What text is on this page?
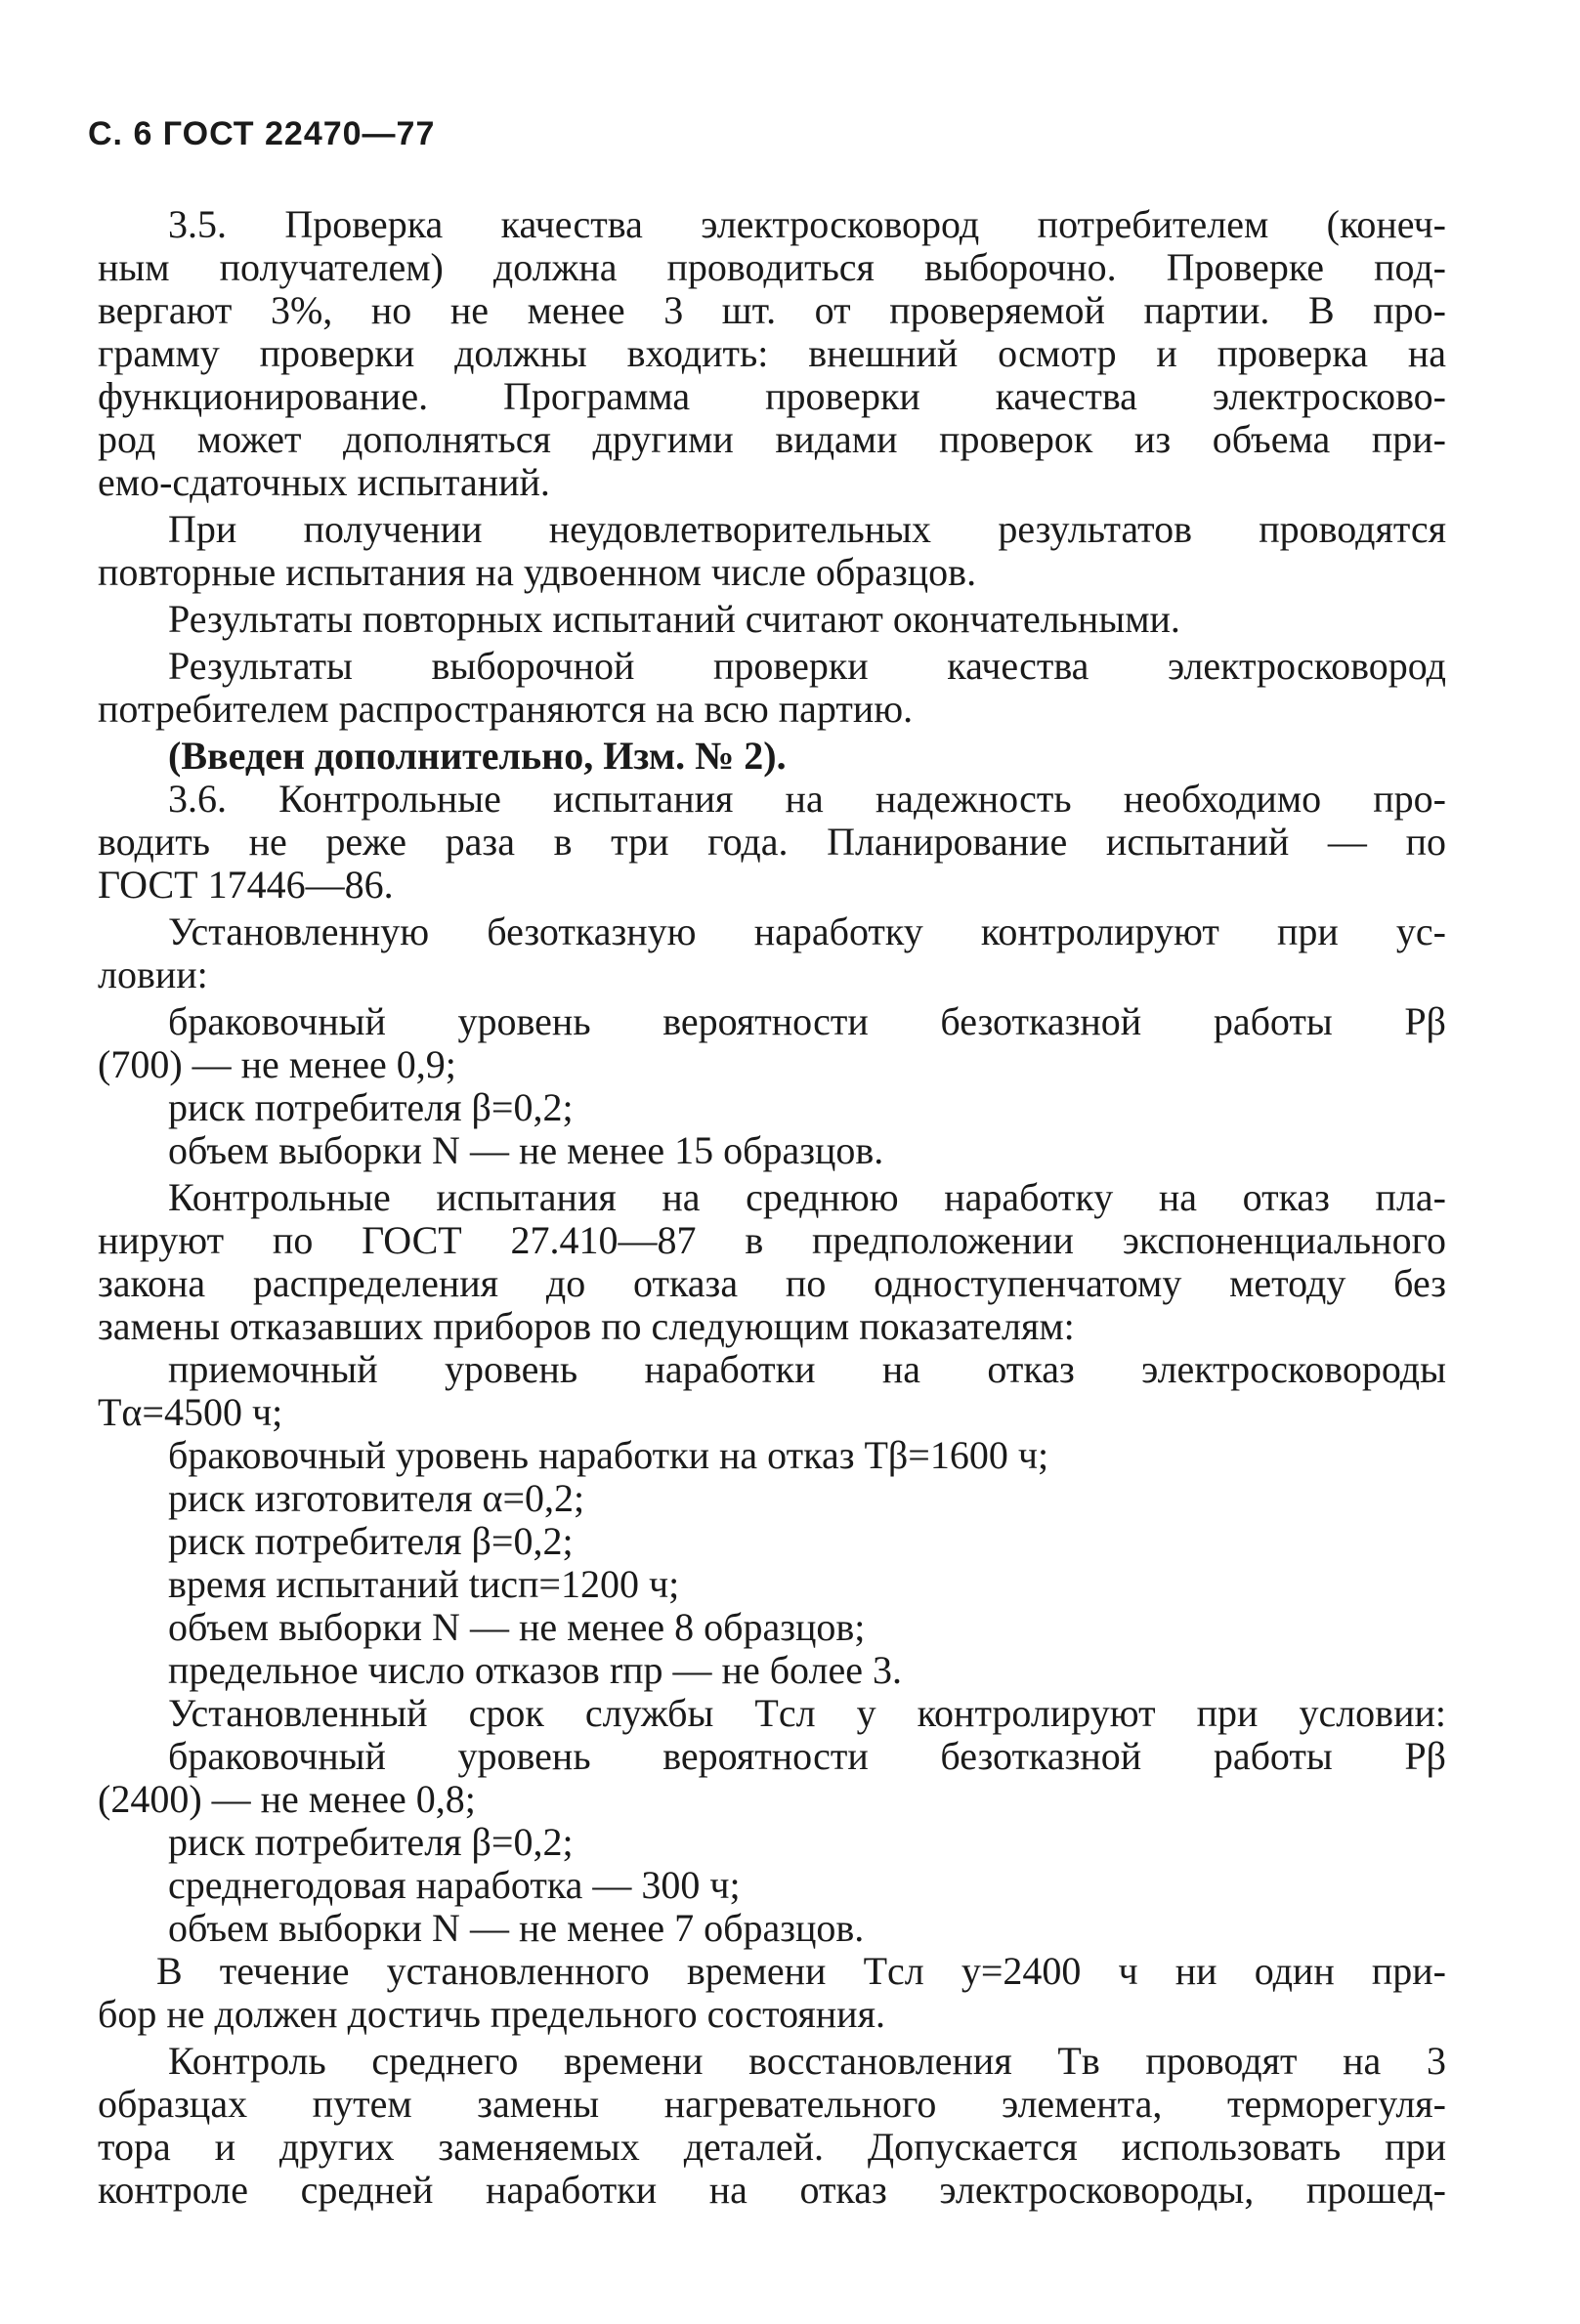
С. 6 ГОСТ 22470—77
3.5. Проверка качества электросковород потребителем (конеч-
ным получателем) должна проводиться выборочно. Проверке под-
вергают 3%, но не менее 3 шт. от проверяемой партии. В про-
грамму проверки должны входить: внешний осмотр и проверка на
функционирование. Программа проверки качества электросково-
род может дополняться другими видами проверок из объема при-
емо-сдаточных испытаний.
При получении неудовлетворительных результатов проводятся
повторные испытания на удвоенном числе образцов.
Результаты повторных испытаний считают окончательными.
Результаты выборочной проверки качества электросковород
потребителем распространяются на всю партию.
(Введен дополнительно, Изм. № 2).
3.6. Контрольные испытания на надежность необходимо про-
водить не реже раза в три года. Планирование испытаний — по
ГОСТ 17446—86.
Установленную безотказную наработку контролируют при ус-
ловии:
браковочный уровень вероятности безотказной работы Pβ
(700) — не менее 0,9;
риск потребителя β=0,2;
объем выборки N — не менее 15 образцов.
Контрольные испытания на среднюю наработку на отказ пла-
нируют по ГОСТ 27.410—87 в предположении экспоненциального
закона распределения до отказа по одноступенчатому методу без
замены отказавших приборов по следующим показателям:
приемочный уровень наработки на отказ электросковороды
Tα=4500 ч;
браковочный уровень наработки на отказ Tβ=1600 ч;
риск изготовителя α=0,2;
риск потребителя β=0,2;
время испытаний tисп=1200 ч;
объем выборки N — не менее 8 образцов;
предельное число отказов rпр — не более 3.
Установленный срок службы Tсл у контролируют при условии:
браковочный уровень вероятности безотказной работы Pβ
(2400) — не менее 0,8;
риск потребителя β=0,2;
среднегодовая наработка — 300 ч;
объем выборки N — не менее 7 образцов.
В течение установленного времени Tсл у=2400 ч ни один при-
бор не должен достичь предельного состояния.
Контроль среднего времени восстановления Tв проводят на 3
образцах путем замены нагревательного элемента, терморегуля-
тора и других заменяемых деталей. Допускается использовать при
контроле средней наработки на отказ электросковороды, прошед-
